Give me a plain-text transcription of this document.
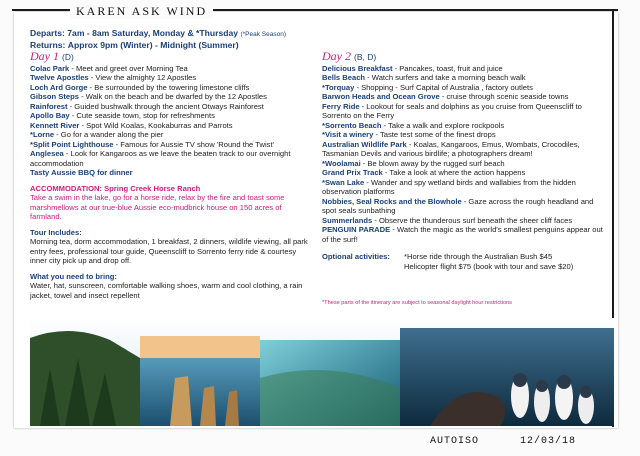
KAREN ASK WIND
Departs: 7am - 8am Saturday, Monday & *Thursday (*Peak Season)
Returns: Approx 9pm (Winter) - Midnight (Summer)
Day 1 (D)
Colac Park - Meet and greet over Morning Tea
Twelve Apostles - View the almighty 12 Apostles
Loch Ard Gorge - Be surrounded by the towering limestone cliffs
Gibson Steps - Walk on the beach and be dwarfed by the 12 Apostles
Rainforest - Guided bushwalk through the ancient Otways Rainforest
Apollo Bay - Cute seaside town, stop for refreshments
Kennett River - Spot Wild Koalas, Kookaburras and Parrots
*Lorne - Go for a wander along the pier
*Split Point Lighthouse - Famous for Aussie TV show 'Round the Twist'
Anglesea - Look for Kangaroos as we leave the beaten track to our overnight accommodation
Tasty Aussie BBQ for dinner
ACCOMMODATION: Spring Creek Horse Ranch
Take a swim in the lake, go for a horse ride, relax by the fire and toast some marshmellows at our true-blue Aussie eco-mudbrick house on 150 acres of farmland.
Tour Includes:
Morning tea, dorm accommodation, 1 breakfast, 2 dinners, wildlife viewing, all park entry fees, professional tour guide, Queenscliff to Sorrento ferry ride & courtesy inner city pick up and drop off.
What you need to bring:
Water, hat, sunscreen, comfortable walking shoes, warm and cool clothing, a rain jacket, towel and insect repellent
Day 2 (B, D)
Delicious Breakfast - Pancakes, toast, fruit and juice
Bells Beach - Watch surfers and take a morning beach walk
*Torquay - Shopping - Surf Capital of Australia , factory outlets
Barwon Heads and Ocean Grove - cruise through scenic seaside towns
Ferry Ride - Lookout for seals and dolphins as you cruise from Queenscliff to Sorrento on the Ferry
*Sorrento Beach - Take a walk and explore rockpools
*Visit a winery - Taste test some of the finest drops
Australian Wildlife Park - Koalas, Kangaroos, Emus, Wombats, Crocodiles, Tasmanian Devils and various birdlife; a photographers dream!
*Woolamai - Be blown away by the rugged surf beach
Grand Prix Track - Take a look at where the action happens
*Swan Lake - Wander and spy wetland birds and wallabies from the hidden observation platforms
Nobbies, Seal Rocks and the Blowhole - Gaze across the rough headland and spot seals sunbathing
Summerlands - Observe the thunderous surf beneath the sheer cliff faces
PENGUIN PARADE - Watch the magic as the world's smallest penguins appear out of the surf!
Optional activities:	*Horse ride through the Australian Bush $45
Helicopter flight $75 (book with tour and save $20)
*These parts of the itinerary are subject to seasonal daylight hour restrictions
AUTOISO	12/03/18
